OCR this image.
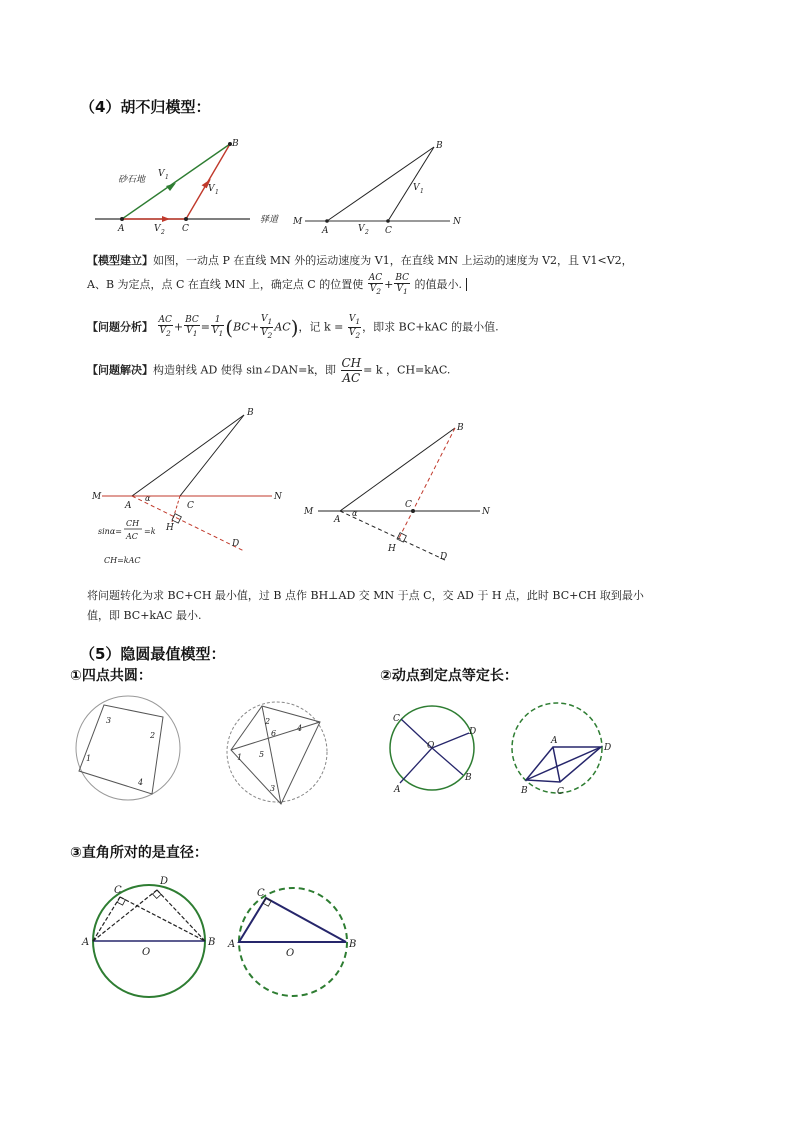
（4）胡不归模型：
B
A	C
砂石地
驿道
V 1
V 1
V 2
B
M	N
A	C
V 1
V 2
【模型建立】如图，一动点 P 在直线 MN 外的运动速度为 V1，在直线 MN 上运动的速度为 V2，且 V1<V2，
A、B 为定点，点 C 在直线 MN 上，确定点 C 的位置使 $\frac{AC}{V_2} + \frac{BC}{V_1}$ 的值最小.
【问题分析】 $\frac{AC}{V_2} + \frac{BC}{V_1} = \frac{1}{V_1} (BC+ \frac{V_1}{V_2} AC)$，记 $k = \frac{V_1}{V_2}$ ，即求 BC+kAC 的最小值.
【问题解决】构造射线 AD 使得 sin∠DAN=k，即 $\frac{CH}{AC} = k$ ，CH=kAC.
B
M	N
A	C
H
D
α
sinα=
CH
AC
=k
CH=kAC
B
M	N
A
C
H
D
α
将问题转化为求 BC+CH 最小值，过 B 点作 BH⊥AD 交 MN 于点 C，交 AD 于 H 点，此时 BC+CH 取到最小
值，即 BC+kAC 最小.
（5）隐圆最值模型：
①四点共圆：	②动点到定点等定长：
3
2
1
4
2
4
6
1 5
3
C
D
O
B
A
A
D
B	C
③直角所对的是直径：
C
D
A	B
O
C
A	B
O
